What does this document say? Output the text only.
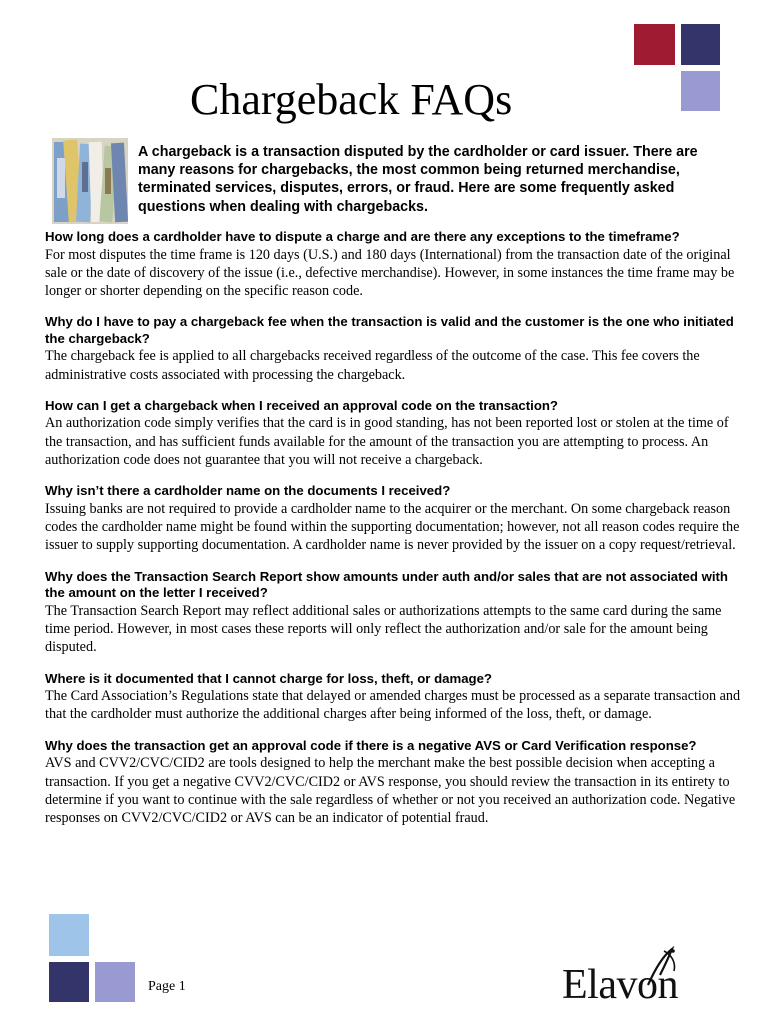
Chargeback FAQs

A chargeback is a transaction disputed by the cardholder or card issuer. There are many reasons for chargebacks, the most common being returned merchandise, terminated services, disputes, errors, or fraud. Here are some frequently asked questions when dealing with chargebacks.

How long does a cardholder have to dispute a charge and are there any exceptions to the timeframe?

For most disputes the time frame is 120 days (U.S.) and 180 days (International) from the transaction date of the original sale or the date of discovery of the issue (i.e., defective merchandise). However, in some instances the time frame may be longer or shorter depending on the specific reason code.

Why do I have to pay a chargeback fee when the transaction is valid and the customer is the one who initiated the chargeback?

The chargeback fee is applied to all chargebacks received regardless of the outcome of the case. This fee covers the administrative costs associated with processing the chargeback.

How can I get a chargeback when I received an approval code on the transaction?

An authorization code simply verifies that the card is in good standing, has not been reported lost or stolen at the time of the transaction, and has sufficient funds available for the amount of the transaction you are attempting to process. An authorization code does not guarantee that you will not receive a chargeback.

Why isn’t there a cardholder name on the documents I received?

Issuing banks are not required to provide a cardholder name to the acquirer or the merchant. On some chargeback reason codes the cardholder name might be found within the supporting documentation; however, not all reason codes require the issuer to supply supporting documentation. A cardholder name is never provided by the issuer on a copy request/retrieval.

Why does the Transaction Search Report show amounts under auth and/or sales that are not associated with the amount on the letter I received?

The Transaction Search Report may reflect additional sales or authorizations attempts to the same card during the same time period. However, in most cases these reports will only reflect the authorization and/or sale for the amount being disputed.

Where is it documented that I cannot charge for loss, theft, or damage?

The Card Association’s Regulations state that delayed or amended charges must be processed as a separate transaction and that the cardholder must authorize the additional charges after being informed of the loss, theft, or damage.

Why does the transaction get an approval code if there is a negative AVS or Card Verification response?

AVS and CVV2/CVC/CID2 are tools designed to help the merchant make the best possible decision when accepting a transaction. If you get a negative CVV2/CVC/CID2 or AVS response, you should review the transaction in its entirety to determine if you want to continue with the sale regardless of whether or not you received an authorization code. Negative responses on CVV2/CVC/CID2 or AVS can be an indicator of potential fraud.

Page 1	Elavon
